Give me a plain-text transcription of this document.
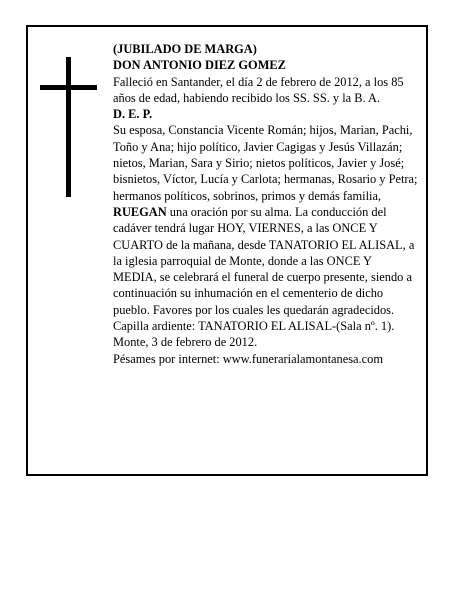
(JUBILADO DE MARGA)

DON ANTONIO DIEZ GOMEZ

Falleció en Santander, el día 2 de febrero de 2012, a los 85 años de edad, habiendo recibido los SS. SS. y la B. A.

D. E. P.

Su esposa, Constancia Vicente Román; hijos, Marian, Pachi, Toño y Ana; hijo político, Javier Cagigas y Jesús Villazán; nietos, Marian, Sara y Sirio; nietos políticos, Javier y José; bisnietos, Víctor, Lucía y Carlota; hermanas, Rosario y Petra; hermanos políticos, sobrinos, primos y demás familia,

RUEGAN una oración por su alma. La conducción del cadáver tendrá lugar HOY, VIERNES, a las ONCE Y CUARTO de la mañana, desde TANATORIO EL ALISAL, a la iglesia parroquial de Monte, donde a las ONCE Y MEDIA, se celebrará el funeral de cuerpo presente, siendo a continuación su inhumación en el cementerio de dicho pueblo. Favores por los cuales les quedarán agradecidos. Capilla ardiente: TANATORIO EL ALISAL-(Sala nº. 1).

Monte, 3 de febrero de 2012.

Pésames por internet: www.funerarialamontanesa.com
